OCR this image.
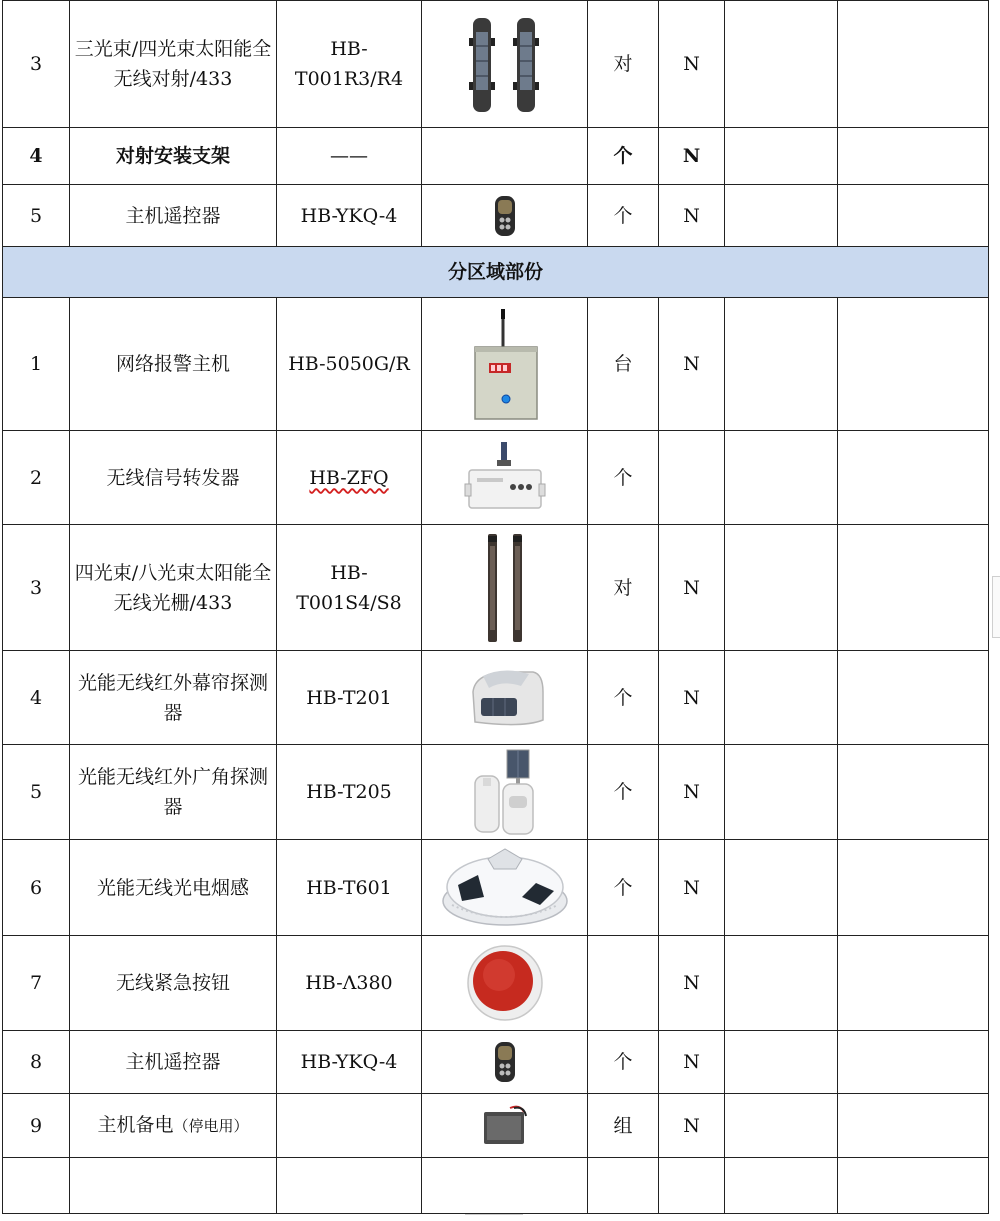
3	三光束/四光束太阳能全无线对射/433	HB-T001R3/R4		对	N		
4	对射安装支架	——		个	N		
5	主机遥控器	HB-YKQ-4		个	N		
分区域部份							
1	网络报警主机	HB-5050G/R		台	N		
2	无线信号转发器	HB-ZFQ		个			
3	四光束/八光束太阳能全无线光栅/433	HB-T001S4/S8		对	N		
4	光能无线红外幕帘探测器	HB-T201		个	N		
5	光能无线红外广角探测器	HB-T205		个	N		
6	光能无线光电烟感	HB-T601		个	N		
7	无线紧急按钮	HB-Λ380			N		
8	主机遥控器	HB-YKQ-4		个	N		
9	主机备电（停电用）			组	N		
